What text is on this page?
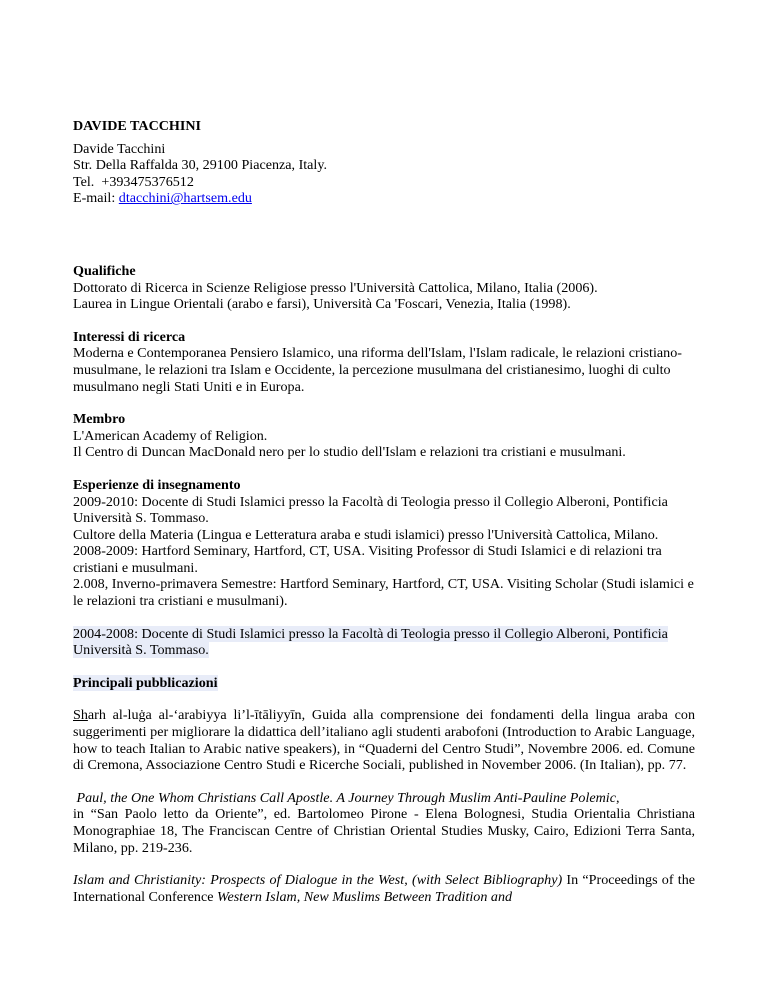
DAVIDE TACCHINI

Davide Tacchini

Str. Della Raffalda 30, 29100 Piacenza, Italy.

Tel.  +393475376512

E-mail: dtacchini@hartsem.edu

Qualifiche

Dottorato di Ricerca in Scienze Religiose presso l'Università Cattolica, Milano, Italia (2006).

Laurea in Lingue Orientali (arabo e farsi), Università Ca 'Foscari, Venezia, Italia (1998).

Interessi di ricerca

Moderna e Contemporanea Pensiero Islamico, una riforma dell'Islam, l'Islam radicale, le relazioni cristiano-musulmane, le relazioni tra Islam e Occidente, la percezione musulmana del cristianesimo, luoghi di culto musulmano negli Stati Uniti e in Europa.

Membro

L'American Academy of Religion.

Il Centro di Duncan MacDonald nero per lo studio dell'Islam e relazioni tra cristiani e musulmani.

Esperienze di insegnamento

2009-2010: Docente di Studi Islamici presso la Facoltà di Teologia presso il Collegio Alberoni, Pontificia Università S. Tommaso.

Cultore della Materia (Lingua e Letteratura araba e studi islamici) presso l'Università Cattolica, Milano.

2008-2009: Hartford Seminary, Hartford, CT, USA. Visiting Professor di Studi Islamici e di relazioni tra cristiani e musulmani.

2.008, Inverno-primavera Semestre: Hartford Seminary, Hartford, CT, USA. Visiting Scholar (Studi islamici e le relazioni tra cristiani e musulmani).

2004-2008: Docente di Studi Islamici presso la Facoltà di Teologia presso il Collegio Alberoni, Pontificia Università S. Tommaso.

Principali pubblicazioni

Sharh al-luġa al-‘arabiyya li’l-ītāliyyīn, Guida alla comprensione dei fondamenti della lingua araba con suggerimenti per migliorare la didattica dell’italiano agli studenti arabofoni (Introduction to Arabic Language, how to teach Italian to Arabic native speakers), in “Quaderni del Centro Studi”, Novembre 2006. ed. Comune di Cremona, Associazione Centro Studi e Ricerche Sociali, published in November 2006. (In Italian), pp. 77.

Paul, the One Whom Christians Call Apostle. A Journey Through Muslim Anti-Pauline Polemic,

in “San Paolo letto da Oriente”, ed. Bartolomeo Pirone - Elena Bolognesi, Studia Orientalia Christiana Monographiae 18, The Franciscan Centre of Christian Oriental Studies Musky, Cairo, Edizioni Terra Santa, Milano, pp. 219-236.

Islam and Christianity: Prospects of Dialogue in the West, (with Select Bibliography) In “Proceedings of the International Conference Western Islam, New Muslims Between Tradition and
